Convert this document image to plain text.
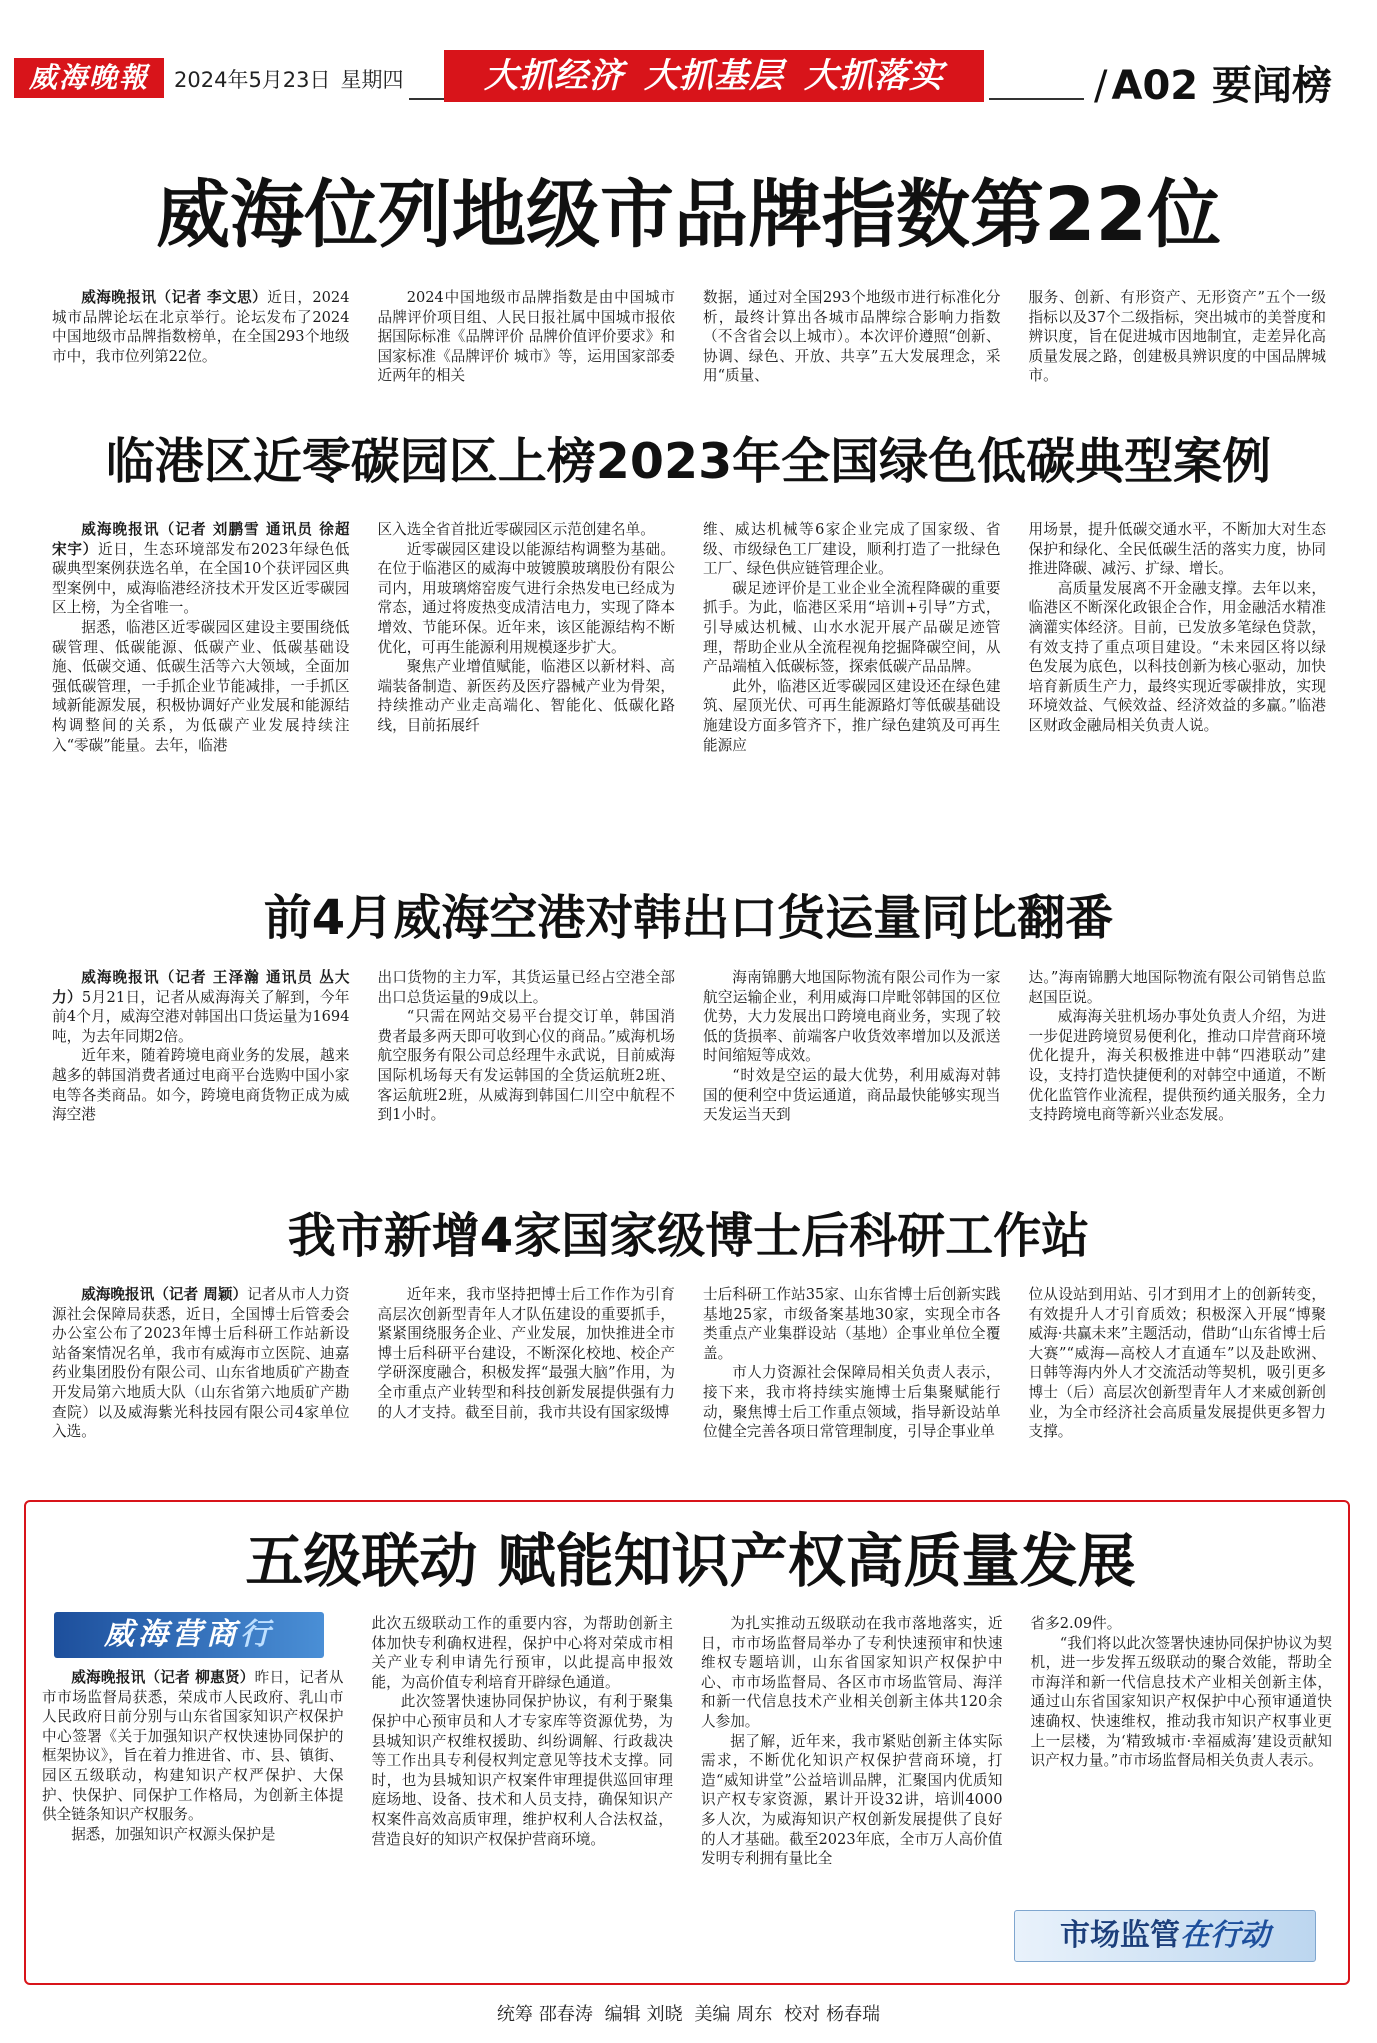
威海晚報	2024年5月23日 星期四	大抓经济 大抓基层 大抓落实	/ A02 要闻榜
威海位列地级市品牌指数第22位

威海晚报讯（记者 李文思）近日，2024城市品牌论坛在北京举行。论坛发布了2024中国地级市品牌指数榜单，在全国293个地级市中，我市位列第22位。

2024中国地级市品牌指数是由中国城市品牌评价项目组、人民日报社属中国城市报依据国际标准《品牌评价 品牌价值评价要求》和国家标准《品牌评价 城市》等，运用国家部委近两年的相关

数据，通过对全国293个地级市进行标准化分析，最终计算出各城市品牌综合影响力指数（不含省会以上城市）。本次评价遵照“创新、协调、绿色、开放、共享”五大发展理念，采用“质量、

服务、创新、有形资产、无形资产”五个一级指标以及37个二级指标，突出城市的美誉度和辨识度，旨在促进城市因地制宜，走差异化高质量发展之路，创建极具辨识度的中国品牌城市。

临港区近零碳园区上榜2023年全国绿色低碳典型案例

威海晚报讯（记者 刘鹏雪 通讯员 徐超 宋宇）近日，生态环境部发布2023年绿色低碳典型案例获选名单，在全国10个获评园区典型案例中，威海临港经济技术开发区近零碳园区上榜，为全省唯一。

据悉，临港区近零碳园区建设主要围绕低碳管理、低碳能源、低碳产业、低碳基础设施、低碳交通、低碳生活等六大领域，全面加强低碳管理，一手抓企业节能减排，一手抓区域新能源发展，积极协调好产业发展和能源结构调整间的关系，为低碳产业发展持续注入“零碳”能量。去年，临港

区入选全省首批近零碳园区示范创建名单。

近零碳园区建设以能源结构调整为基础。在位于临港区的威海中玻镀膜玻璃股份有限公司内，用玻璃熔窑废气进行余热发电已经成为常态，通过将废热变成清洁电力，实现了降本增效、节能环保。近年来，该区能源结构不断优化，可再生能源利用规模逐步扩大。

聚焦产业增值赋能，临港区以新材料、高端装备制造、新医药及医疗器械产业为骨架，持续推动产业走高端化、智能化、低碳化路线，目前拓展纤

维、威达机械等6家企业完成了国家级、省级、市级绿色工厂建设，顺利打造了一批绿色工厂、绿色供应链管理企业。

碳足迹评价是工业企业全流程降碳的重要抓手。为此，临港区采用“培训+引导”方式，引导威达机械、山水水泥开展产品碳足迹管理，帮助企业从全流程视角挖掘降碳空间，从产品端植入低碳标签，探索低碳产品品牌。

此外，临港区近零碳园区建设还在绿色建筑、屋顶光伏、可再生能源路灯等低碳基础设施建设方面多管齐下，推广绿色建筑及可再生能源应

用场景，提升低碳交通水平，不断加大对生态保护和绿化、全民低碳生活的落实力度，协同推进降碳、减污、扩绿、增长。

高质量发展离不开金融支撑。去年以来，临港区不断深化政银企合作，用金融活水精准滴灌实体经济。目前，已发放多笔绿色贷款，有效支持了重点项目建设。“未来园区将以绿色发展为底色，以科技创新为核心驱动，加快培育新质生产力，最终实现近零碳排放，实现环境效益、气候效益、经济效益的多赢。”临港区财政金融局相关负责人说。

前4月威海空港对韩出口货运量同比翻番

威海晚报讯（记者 王泽瀚 通讯员 丛大力）5月21日，记者从威海海关了解到，今年前4个月，威海空港对韩国出口货运量为1694吨，为去年同期2倍。

近年来，随着跨境电商业务的发展，越来越多的韩国消费者通过电商平台选购中国小家电等各类商品。如今，跨境电商货物正成为威海空港

出口货物的主力军，其货运量已经占空港全部出口总货运量的9成以上。

“只需在网站交易平台提交订单，韩国消费者最多两天即可收到心仪的商品。”威海机场航空服务有限公司总经理牛永武说，目前威海国际机场每天有发运韩国的全货运航班2班、客运航班2班，从威海到韩国仁川空中航程不到1小时。

海南锦鹏大地国际物流有限公司作为一家航空运输企业，利用威海口岸毗邻韩国的区位优势，大力发展出口跨境电商业务，实现了较低的货损率、前端客户收货效率增加以及派送时间缩短等成效。

“时效是空运的最大优势，利用威海对韩国的便利空中货运通道，商品最快能够实现当天发运当天到

达。”海南锦鹏大地国际物流有限公司销售总监赵国臣说。

威海海关驻机场办事处负责人介绍，为进一步促进跨境贸易便利化，推动口岸营商环境优化提升，海关积极推进中韩“四港联动”建设，支持打造快捷便利的对韩空中通道，不断优化监管作业流程，提供预约通关服务，全力支持跨境电商等新兴业态发展。

我市新增4家国家级博士后科研工作站

威海晚报讯（记者 周颖）记者从市人力资源社会保障局获悉，近日，全国博士后管委会办公室公布了2023年博士后科研工作站新设站备案情况名单，我市有威海市立医院、迪嘉药业集团股份有限公司、山东省地质矿产勘查开发局第六地质大队（山东省第六地质矿产勘查院）以及威海紫光科技园有限公司4家单位入选。

近年来，我市坚持把博士后工作作为引育高层次创新型青年人才队伍建设的重要抓手，紧紧围绕服务企业、产业发展，加快推进全市博士后科研平台建设，不断深化校地、校企产学研深度融合，积极发挥“最强大脑”作用，为全市重点产业转型和科技创新发展提供强有力的人才支持。截至目前，我市共设有国家级博

士后科研工作站35家、山东省博士后创新实践基地25家，市级备案基地30家，实现全市各类重点产业集群设站（基地）企事业单位全覆盖。

市人力资源社会保障局相关负责人表示，接下来，我市将持续实施博士后集聚赋能行动，聚焦博士后工作重点领域，指导新设站单位健全完善各项日常管理制度，引导企事业单

位从设站到用站、引才到用才上的创新转变，有效提升人才引育质效；积极深入开展“博聚威海·共赢未来”主题活动，借助“山东省博士后大赛”“威海—高校人才直通车”以及赴欧洲、日韩等海内外人才交流活动等契机，吸引更多博士（后）高层次创新型青年人才来威创新创业，为全市经济社会高质量发展提供更多智力支撑。

五级联动 赋能知识产权高质量发展
威海营商行

威海晚报讯（记者 柳惠贤）昨日，记者从市市场监督局获悉，荣成市人民政府、乳山市人民政府日前分别与山东省国家知识产权保护中心签署《关于加强知识产权快速协同保护的框架协议》，旨在着力推进省、市、县、镇街、园区五级联动，构建知识产权严保护、大保护、快保护、同保护工作格局，为创新主体提供全链条知识产权服务。

据悉，加强知识产权源头保护是

此次五级联动工作的重要内容，为帮助创新主体加快专利确权进程，保护中心将对荣成市相关产业专利申请先行预审，以此提高申报效能，为高价值专利培育开辟绿色通道。

此次签署快速协同保护协议，有利于聚集保护中心预审员和人才专家库等资源优势，为县城知识产权维权援助、纠纷调解、行政裁决等工作出具专利侵权判定意见等技术支撑。同时，也为县城知识产权案件审理提供巡回审理庭场地、设备、技术和人员支持，确保知识产权案件高效高质审理，维护权利人合法权益，营造良好的知识产权保护营商环境。

为扎实推动五级联动在我市落地落实，近日，市市场监督局举办了专利快速预审和快速维权专题培训，山东省国家知识产权保护中心、市市场监督局、各区市市场监管局、海洋和新一代信息技术产业相关创新主体共120余人参加。

据了解，近年来，我市紧贴创新主体实际需求，不断优化知识产权保护营商环境，打造“威知讲堂”公益培训品牌，汇聚国内优质知识产权专家资源，累计开设32讲，培训4000多人次，为威海知识产权创新发展提供了良好的人才基础。截至2023年底，全市万人高价值发明专利拥有量比全

省多2.09件。

“我们将以此次签署快速协同保护协议为契机，进一步发挥五级联动的聚合效能，帮助全市海洋和新一代信息技术产业相关创新主体，通过山东省国家知识产权保护中心预审通道快速确权、快速维权，推动我市知识产权事业更上一层楼，为‘精致城市·幸福威海’建设贡献知识产权力量。”市市场监督局相关负责人表示。

市场监管在行动
统筹 邵春涛 编辑 刘晓 美编 周东 校对 杨春瑞
